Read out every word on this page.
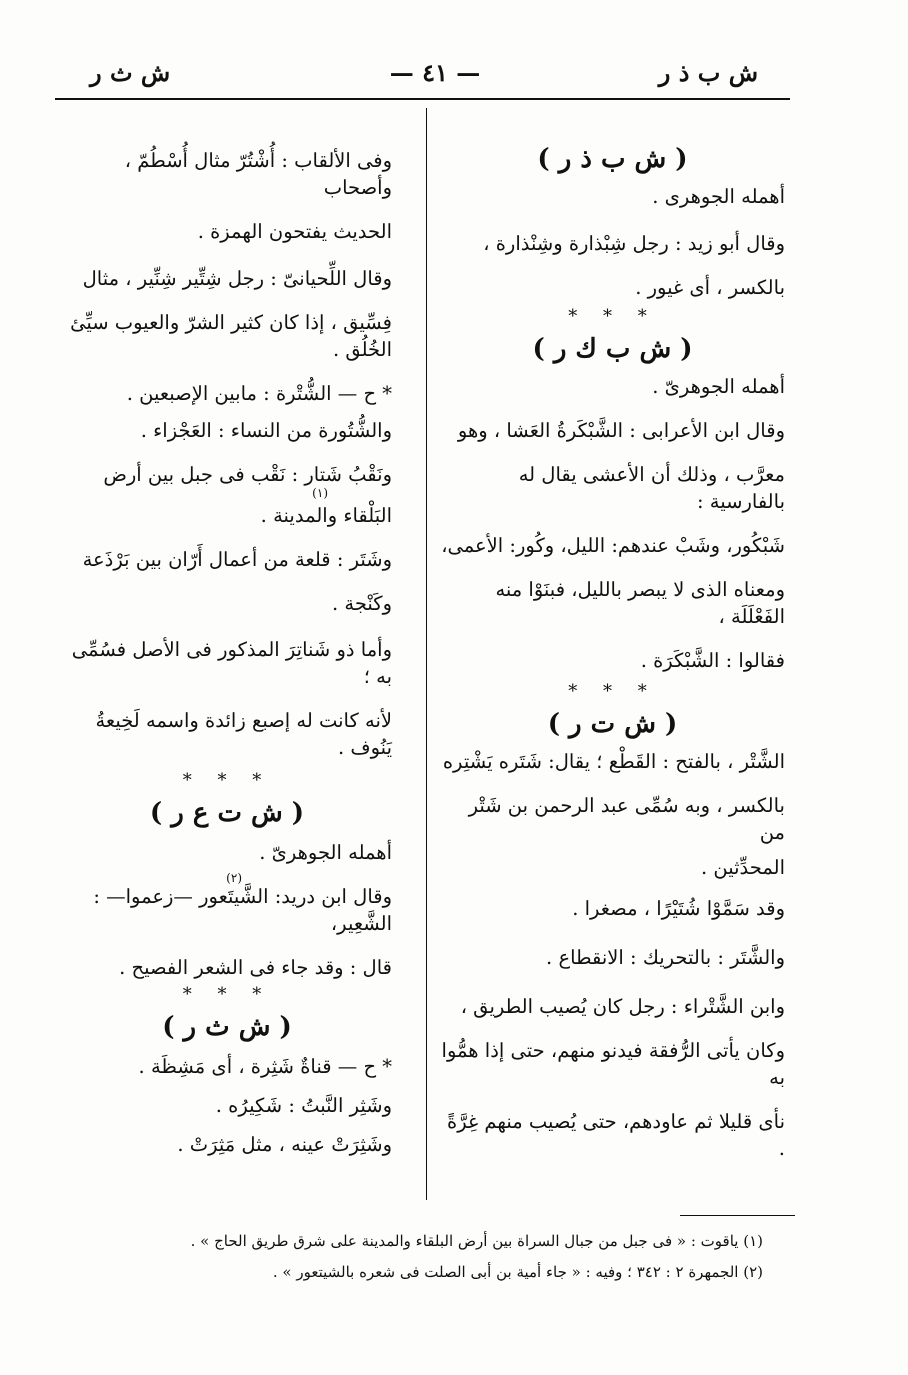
ش ب ذ ر
— ٤١ —
ش ث ر

( ش ب ذ ر )

أهمله الجوهرى .

وقال أبو زيد : رجل شِبْذارة وشِنْذارة ،

بالكسر ، أى غيور .

* * *

( ش ب ك ر )

أهمله الجوهرىّ .

وقال ابن الأعرابى : الشَّبْكَرةُ العَشا ، وهو

معرَّب ، وذلك أن الأعشى يقال له بالفارسية :

شَبْكُور، وشَبْ عندهم: الليل، وكُور: الأعمى،

ومعناه الذى لا يبصر بالليل، فبنَوْا منه الفَعْلَلَة ،

فقالوا : الشَّبْكَرَة .

* * *

( ش ت ر )

الشَّتْر ، بالفتح : القَطْع ؛ يقال: شَتَره يَشْتِره

بالكسر ، وبه سُمِّى عبد الرحمن بن شَتْر من

المحدِّثين .

وقد سَمَّوْا شُتَيْرًا ، مصغرا .

والشَّتَر : بالتحريك : الانقطاع .

وابن الشَّتْراء : رجل كان يُصيب الطريق ،

وكان يأتى الرُّفقة فيدنو منهم، حتى إذا همُّوا به

نأى قليلا ثم عاودهم، حتى يُصيب منهم غِرَّةً .

وفى الألقاب : أُشْتُرّ مثال أُسْطُمّ ، وأصحاب

الحديث يفتحون الهمزة .

وقال اللِّحيانىّ : رجل شِتِّير شِنِّير ، مثال

فِسِّيق ، إذا كان كثير الشرّ والعيوب سيِّئ الخُلُق .

* ح — الشُّتْرة : مابين الإصبعين .

والشُّتُورة من النساء : العَجْزاء .

ونَقْبُ شَتار : نَقْب فى جبل بين أرض

(١)

البَلْقاء والمدينة .

وشَتَر : قلعة من أعمال أَرّان بين بَرْذَعة

وكَنْجة .

وأما ذو شَناتِرَ المذكور فى الأصل فسُمِّى به ؛

لأنه كانت له إصبع زائدة واسمه لَخِيعةُ يَنُوف .

* * *

( ش ت ع ر )

أهمله الجوهرىّ .

(٢)

وقال ابن دريد: الشَّيتَعور —زعموا— : الشَّعِير،

قال : وقد جاء فى الشعر الفصيح .

* * *

( ش ث ر )

* ح — قناةٌ شَثِرة ، أى مَشِظَة .

وشَثِر النَّبتُ : شَكِيرُه .

وشَثِرَتْ عينه ، مثل مَثِرَتْ .

(١) ياقوت : « فى جبل من جبال السراة بين أرض البلقاء والمدينة على شرق طريق الحاج » .
(٢) الجمهرة ٢ : ٣٤٢ ؛ وفيه : « جاء أمية بن أبى الصلت فى شعره بالشيتعور » .
